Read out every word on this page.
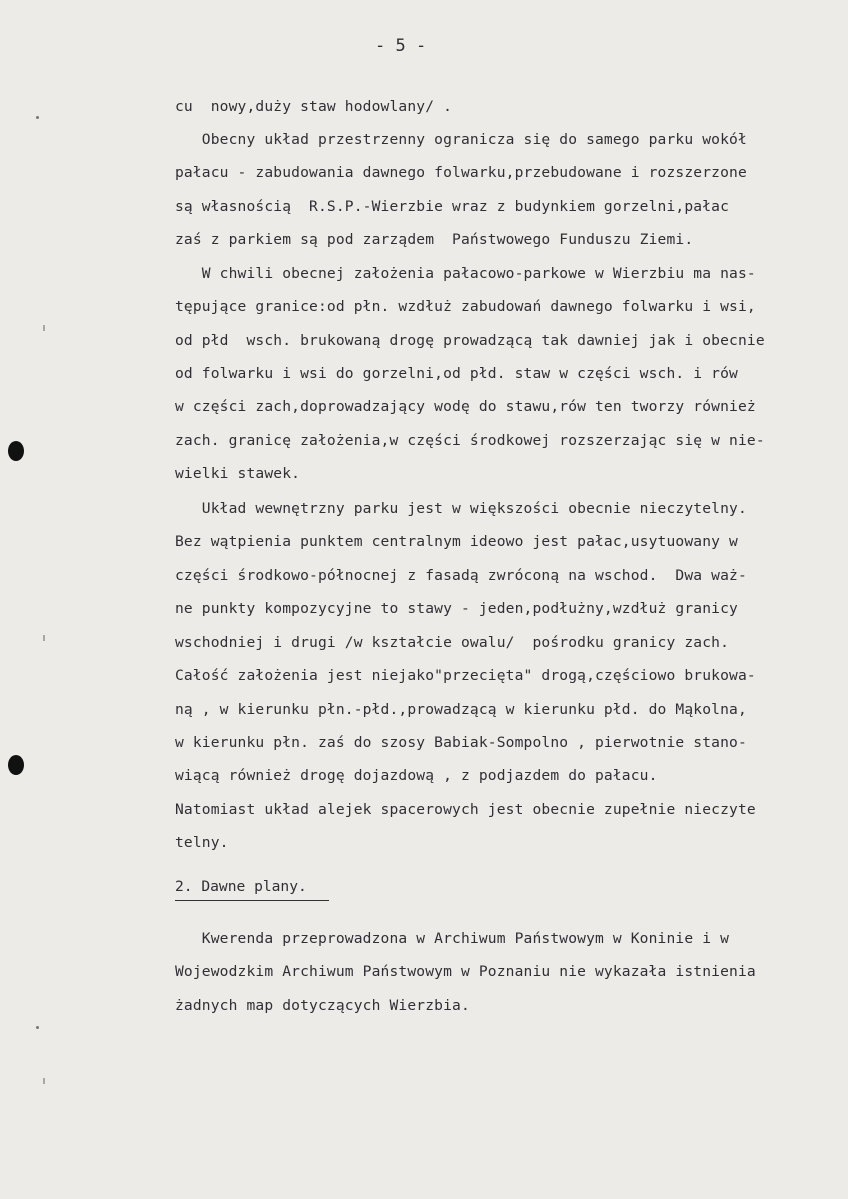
- 5 -
cu  nowy,duży staw hodowlany/ .
Obecny układ przestrzenny ogranicza się do samego parku wokół
pałacu - zabudowania dawnego folwarku,przebudowane i rozszerzone
są własnością  R.S.P.-Wierzbie wraz z budynkiem gorzelni,pałac
zaś z parkiem są pod zarządem  Państwowego Funduszu Ziemi.
W chwili obecnej założenia pałacowo-parkowe w Wierzbiu ma nas-
tępujące granice:od płn. wzdłuż zabudowań dawnego folwarku i wsi,
od płd  wsch. brukowaną drogę prowadzącą tak dawniej jak i obecnie
od folwarku i wsi do gorzelni,od płd. staw w części wsch. i rów
w części zach,doprowadzający wodę do stawu,rów ten tworzy również
zach. granicę założenia,w części środkowej rozszerzając się w nie-
wielki stawek.
Układ wewnętrzny parku jest w większości obecnie nieczytelny.
Bez wątpienia punktem centralnym ideowo jest pałac,usytuowany w
części środkowo-północnej z fasadą zwróconą na wschod.  Dwa waż-
ne punkty kompozycyjne to stawy - jeden,podłużny,wzdłuż granicy
wschodniej i drugi /w kształcie owalu/  pośrodku granicy zach.
Całość założenia jest niejako"przecięta" drogą,częściowo brukowa-
ną , w kierunku płn.-płd.,prowadzącą w kierunku płd. do Mąkolna,
w kierunku płn. zaś do szosy Babiak-Sompolno , pierwotnie stano-
wiącą również drogę dojazdową , z podjazdem do pałacu.
Natomiast układ alejek spacerowych jest obecnie zupełnie nieczyte
telny.
2. Dawne plany.
Kwerenda przeprowadzona w Archiwum Państwowym w Koninie i w
Wojewodzkim Archiwum Państwowym w Poznaniu nie wykazała istnienia
żadnych map dotyczących Wierzbia.
